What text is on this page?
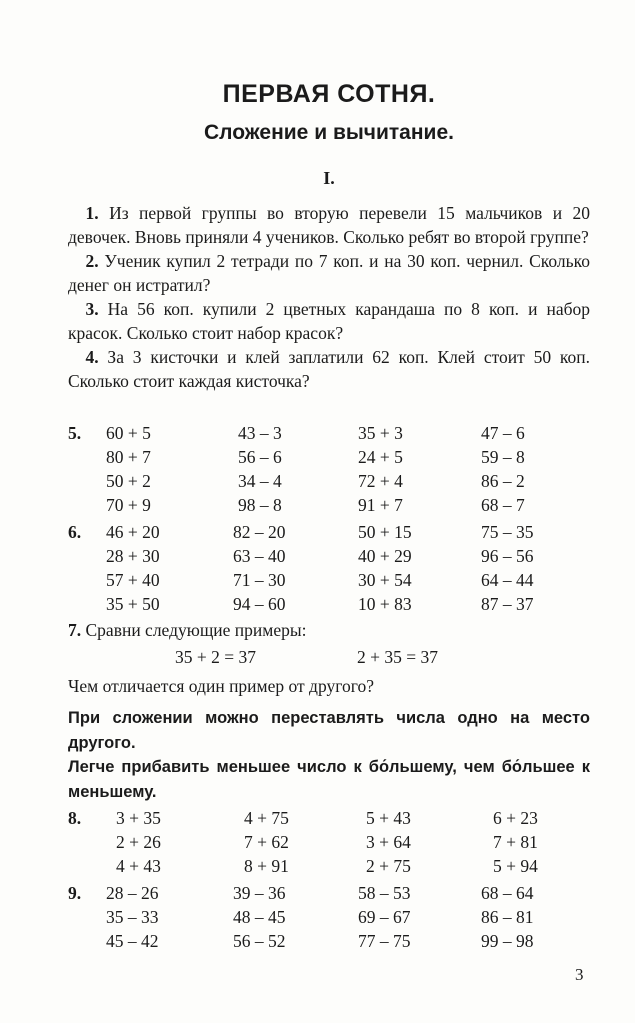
ПЕРВАЯ СОТНЯ.
Сложение и вычитание.
I.

 1. Из первой группы во вторую перевели 15 мальчиков и 20 девочек. Вновь приняли 4 учеников. Сколько ребят во второй группе?

 2. Ученик купил 2 тетради по 7 коп. и на 30 коп. чернил. Сколько денег он истратил?

 3. На 56 коп. купили 2 цветных карандаша по 8 коп. и набор красок. Сколько стоит набор красок?

 4. За 3 кисточки и клей заплатили 62 коп. Клей стоит 50 коп. Сколько стоит каждая кисточка?

5. 60 + 5	43 – 3	35 + 3	47 – 6
80 + 7	56 – 6	24 + 5	59 – 8
50 + 2	34 – 4	72 + 4	86 – 2
70 + 9	98 – 8	91 + 7	68 – 7
6. 46 + 20	82 – 20	50 + 15	75 – 35
28 + 30	63 – 40	40 + 29	96 – 56
57 + 40	71 – 30	30 + 54	64 – 44
35 + 50	94 – 60	10 + 83	87 – 37
7. Сравни следующие примеры:
35 + 2 = 37	2 + 35 = 37
Чем отличается один пример от другого?
При сложении можно переставлять числа одно на место другого.
Легче прибавить меньшее число к бо́льшему, чем бо́льшее к меньшему.
8. 3 + 35	4 + 75	5 + 43	6 + 23
2 + 26	7 + 62	3 + 64	7 + 81
4 + 43	8 + 91	2 + 75	5 + 94
9. 28 – 26	39 – 36	58 – 53	68 – 64
35 – 33	48 – 45	69 – 67	86 – 81
45 – 42	56 – 52	77 – 75	99 – 98
3
